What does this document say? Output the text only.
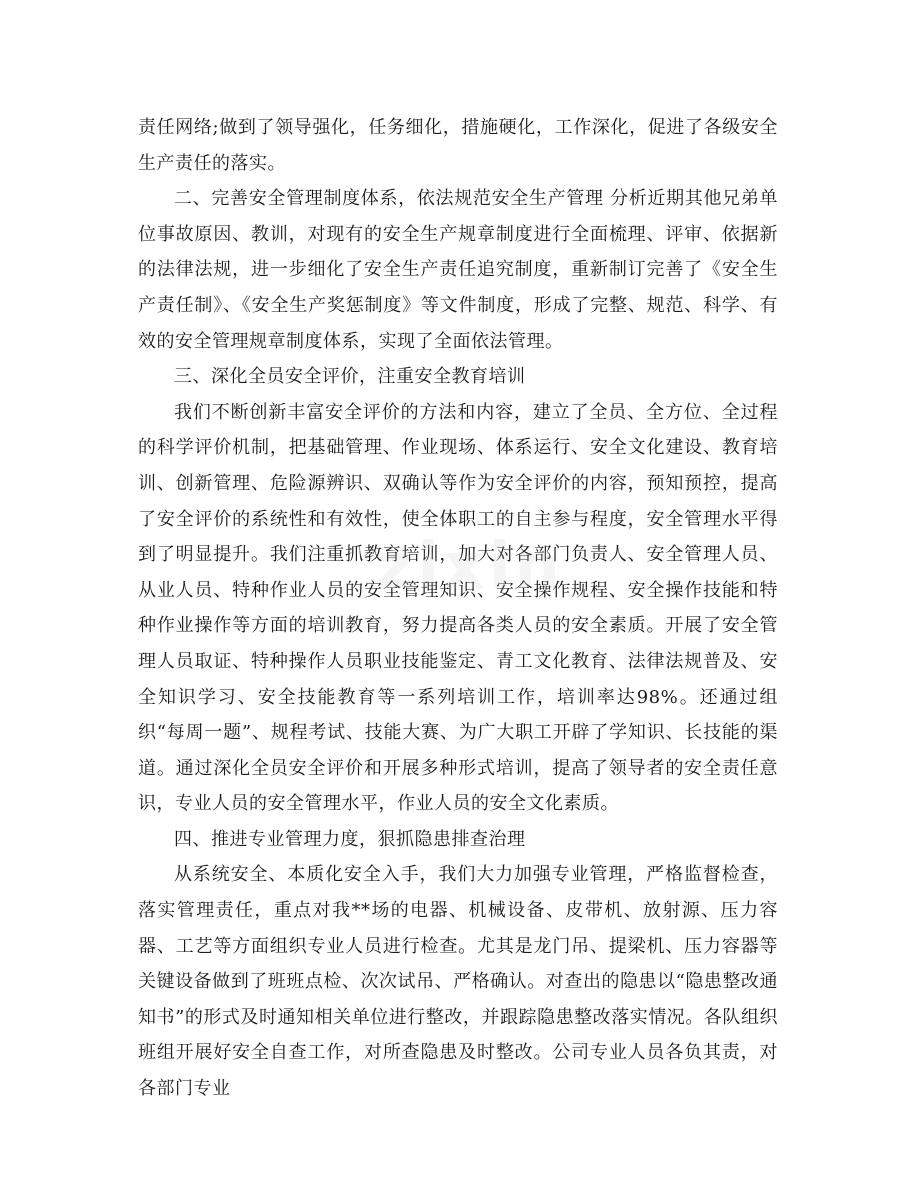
责任网络;做到了领导强化，任务细化，措施硬化，工作深化，促进了各级安全生产责任的落实。

二、完善安全管理制度体系，依法规范安全生产管理 分析近期其他兄弟单位事故原因、教训，对现有的安全生产规章制度进行全面梳理、评审、依据新的法律法规，进一步细化了安全生产责任追究制度，重新制订完善了《安全生产责任制》、《安全生产奖惩制度》等文件制度，形成了完整、规范、科学、有效的安全管理规章制度体系，实现了全面依法管理。

三、深化全员安全评价，注重安全教育培训

我们不断创新丰富安全评价的方法和内容，建立了全员、全方位、全过程的科学评价机制，把基础管理、作业现场、体系运行、安全文化建设、教育培训、创新管理、危险源辨识、双确认等作为安全评价的内容，预知预控，提高了安全评价的系统性和有效性，使全体职工的自主参与程度，安全管理水平得到了明显提升。我们注重抓教育培训，加大对各部门负责人、安全管理人员、从业人员、特种作业人员的安全管理知识、安全操作规程、安全操作技能和特种作业操作等方面的培训教育，努力提高各类人员的安全素质。开展了安全管理人员取证、特种操作人员职业技能鉴定、青工文化教育、法律法规普及、安全知识学习、安全技能教育等一系列培训工作，培训率达98%。还通过组织“每周一题”、规程考试、技能大赛、为广大职工开辟了学知识、长技能的渠道。通过深化全员安全评价和开展多种形式培训，提高了领导者的安全责任意识，专业人员的安全管理水平，作业人员的安全文化素质。

四、推进专业管理力度，狠抓隐患排查治理

从系统安全、本质化安全入手，我们大力加强专业管理，严格监督检查，落实管理责任，重点对我**场的电器、机械设备、皮带机、放射源、压力容器、工艺等方面组织专业人员进行检查。尤其是龙门吊、提梁机、压力容器等关键设备做到了班班点检、次次试吊、严格确认。对查出的隐患以“隐患整改通知书”的形式及时通知相关单位进行整改，并跟踪隐患整改落实情况。各队组织班组开展好安全自查工作，对所查隐患及时整改。公司专业人员各负其责，对各部门专业

zixin
